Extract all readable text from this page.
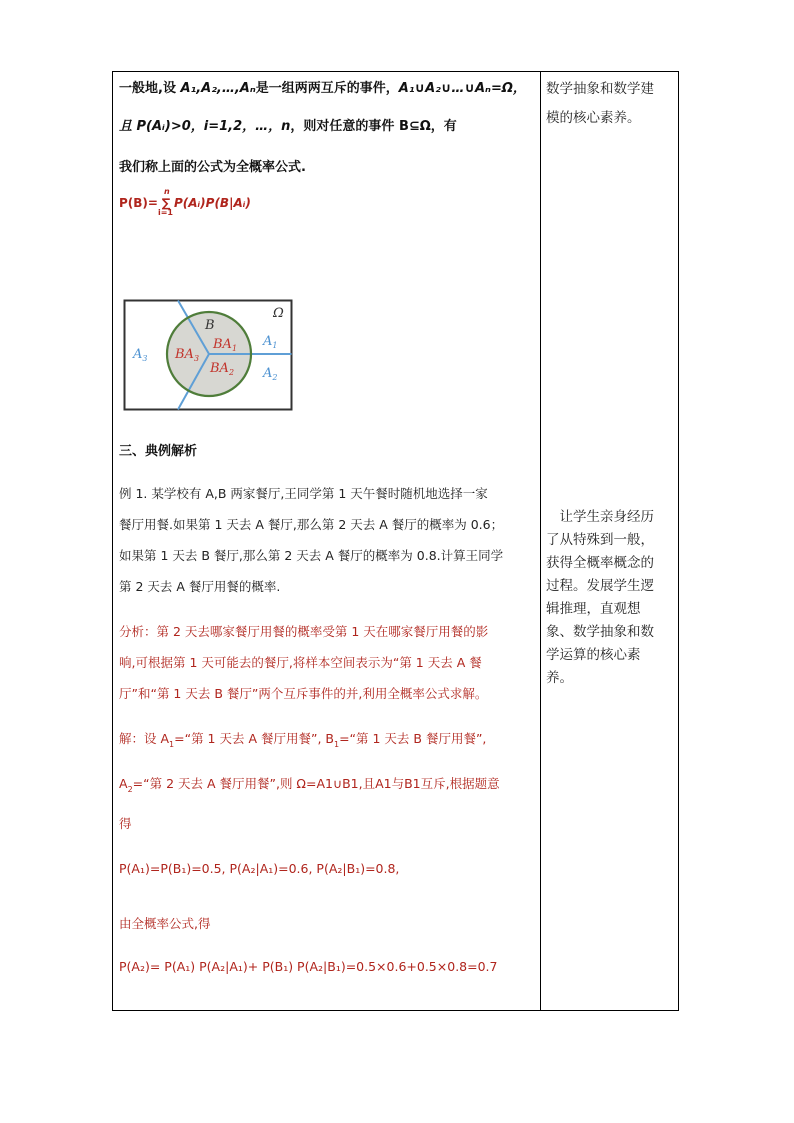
一般地,设 A₁,A₂,…,Aₙ是一组两两互斥的事件，A₁∪A₂∪…∪Aₙ=Ω，
且 P(Aᵢ)>0，i=1,2，…，n，则对任意的事件 B⊆Ω，有
我们称上面的公式为全概率公式.
P(B)=
n
∑
i=1
P(Aᵢ)P(B|Aᵢ)
Ω
B
$BA_1$
$BA_2$
$BA_3$
$A_1$
$A_2$
$A_3$
三、典例解析
例 1. 某学校有 A,B 两家餐厅,王同学第 1 天午餐时随机地选择一家
餐厅用餐.如果第 1 天去 A 餐厅,那么第 2 天去 A 餐厅的概率为 0.6；
如果第 1 天去 B 餐厅,那么第 2 天去 A 餐厅的概率为 0.8.计算王同学
第 2 天去 A 餐厅用餐的概率.
分析：第 2 天去哪家餐厅用餐的概率受第 1 天在哪家餐厅用餐的影
响,可根据第 1 天可能去的餐厅,将样本空间表示为“第 1 天去 A 餐
厅”和“第 1 天去 B 餐厅”两个互斥事件的并,利用全概率公式求解。
解：设 $A_1=“$第 1 天去 A 餐厅用餐”, $B_1=“$第 1 天去 B 餐厅用餐”,
$A_2=“$第 2 天去 A 餐厅用餐”,则 Ω=A1∪B1,且A1与B1互斥,根据题意
得
P(A₁)=P(B₁)=0.5, P(A₂|A₁)=0.6, P(A₂|B₁)=0.8,
由全概率公式,得
P(A₂)= P(A₁) P(A₂|A₁)+ P(B₁) P(A₂|B₁)=0.5×0.6+0.5×0.8=0.7
数学抽象和数学建
模的核心素养。
　让学生亲身经历
了从特殊到一般，
获得全概率概念的
过程。发展学生逻
辑推理，直观想
象、数学抽象和数
学运算的核心素
养。
